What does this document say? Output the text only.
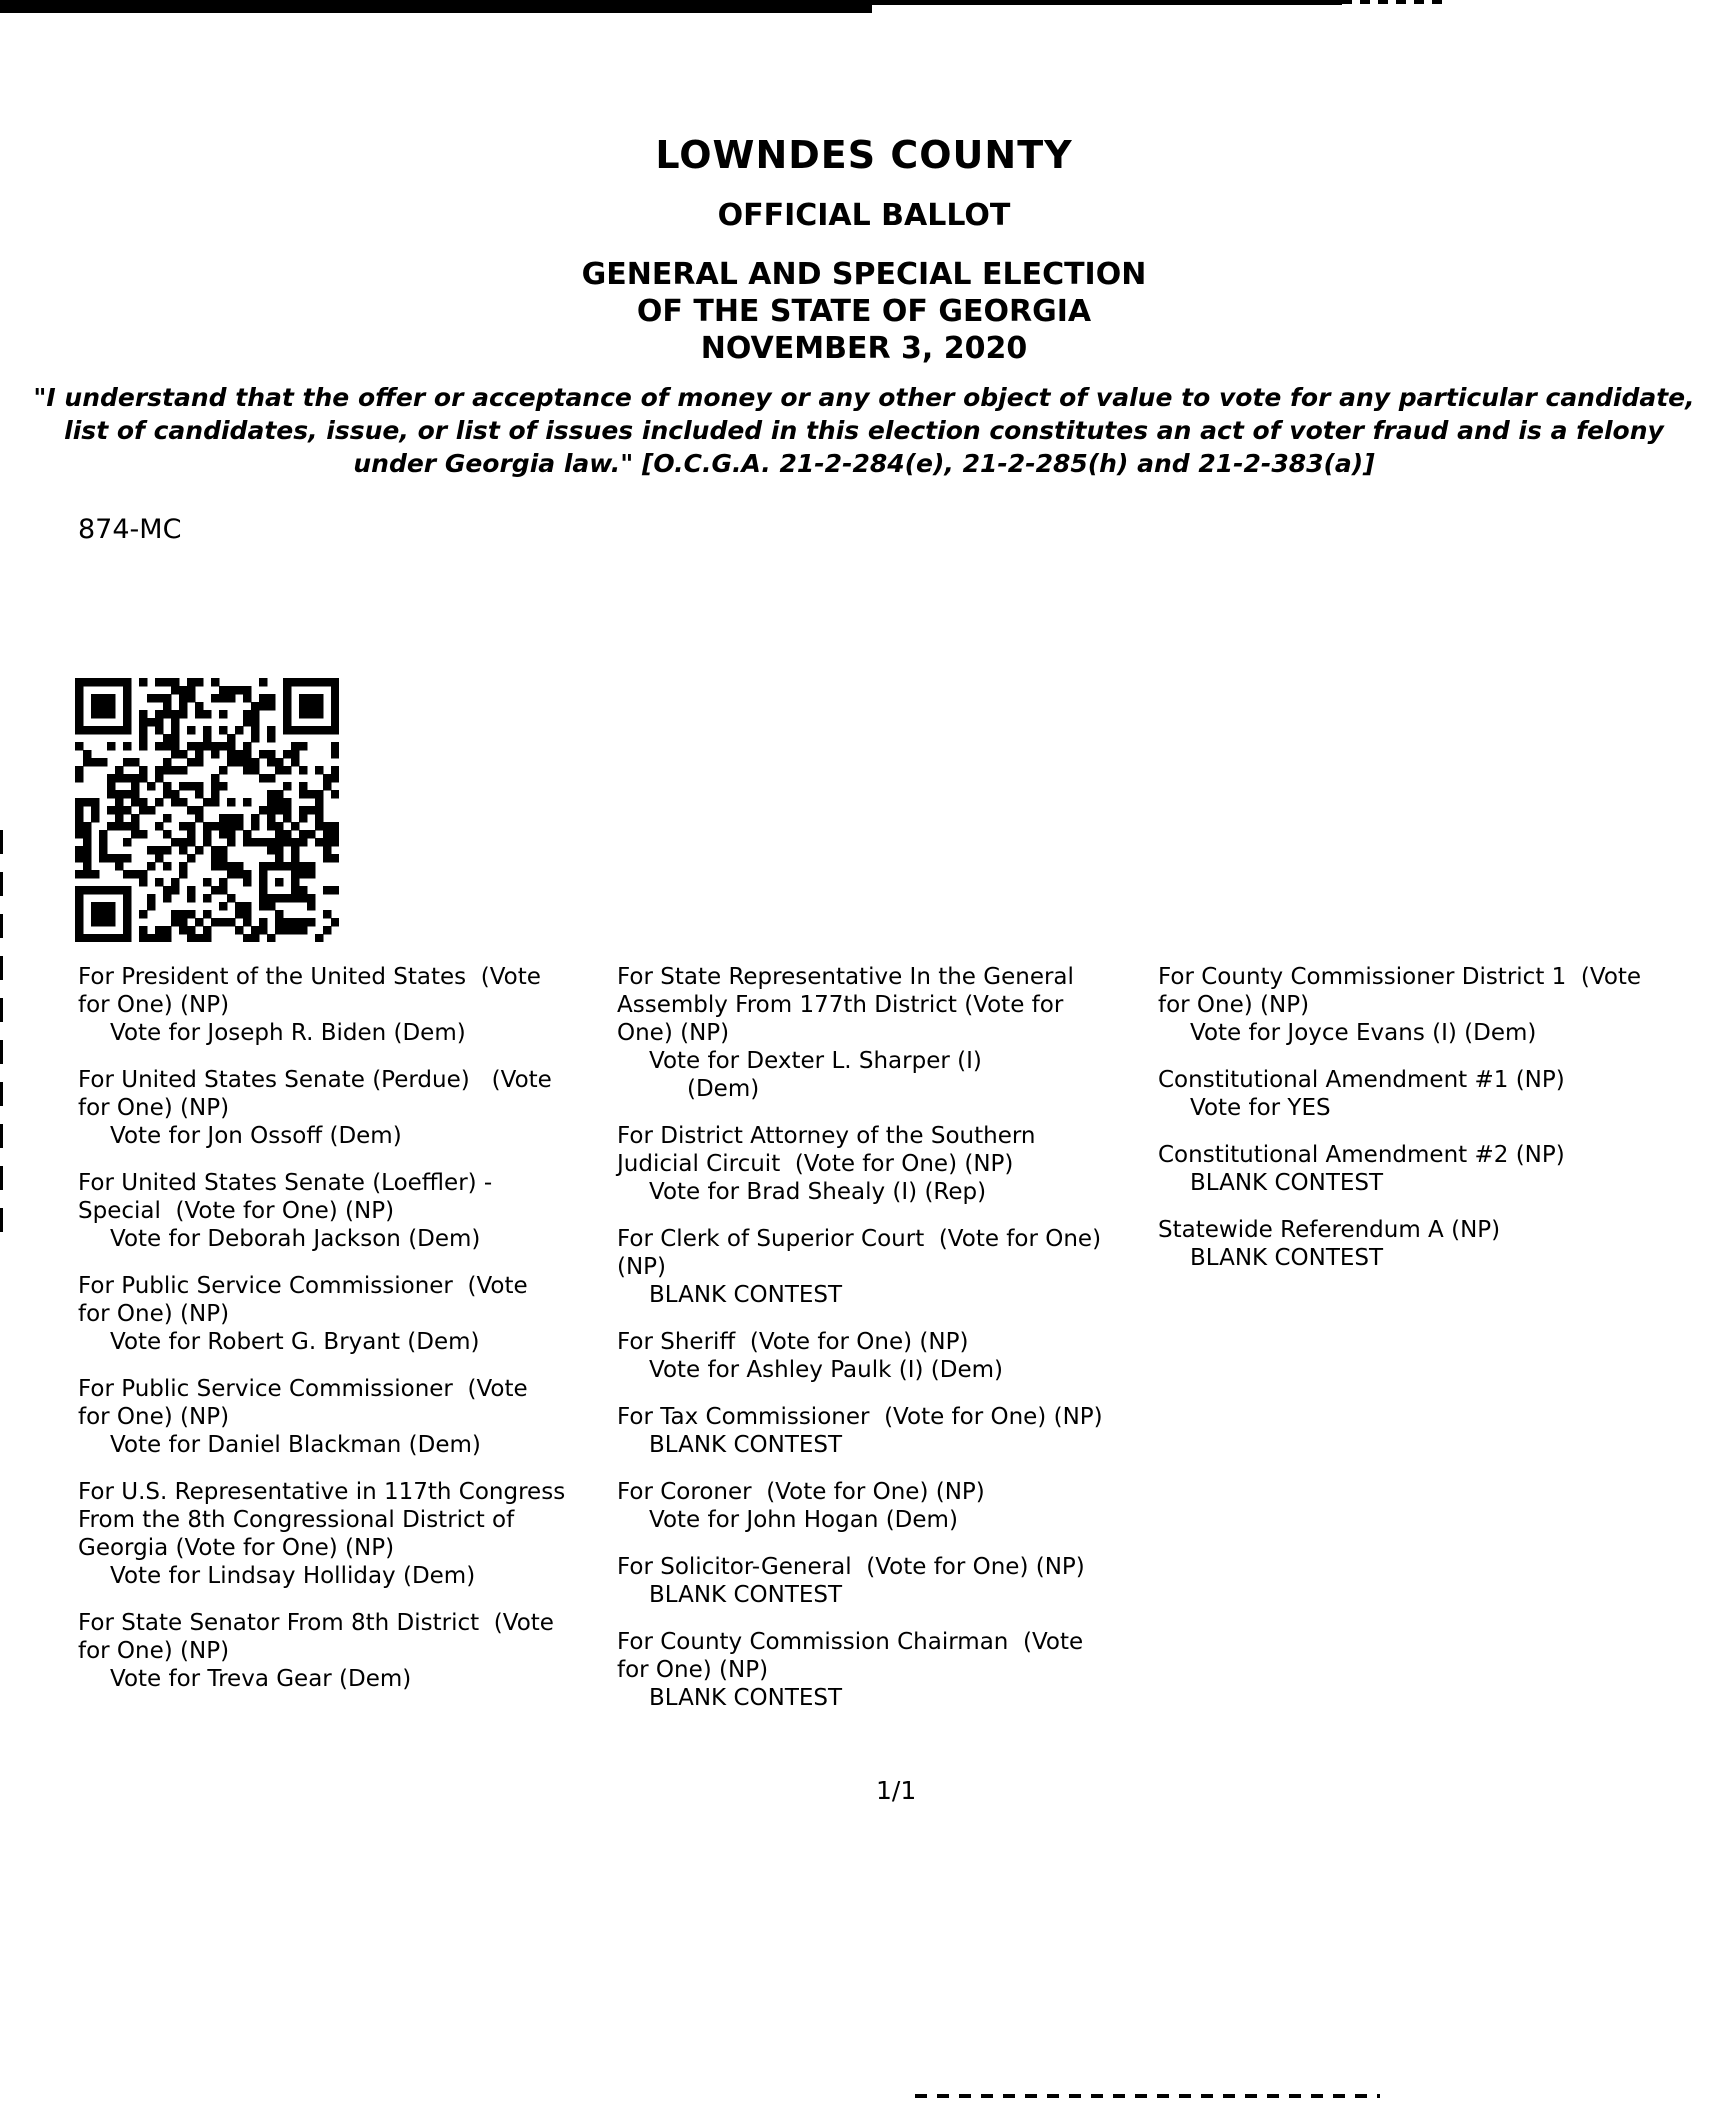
LOWNDES COUNTY
OFFICIAL BALLOT
GENERAL AND SPECIAL ELECTION
OF THE STATE OF GEORGIA
NOVEMBER 3, 2020
"I understand that the offer or acceptance of money or any other object of value to vote for any particular candidate,
list of candidates, issue, or list of issues included in this election constitutes an act of voter fraud and is a felony
under Georgia law." [O.C.G.A. 21-2-284(e), 21-2-285(h) and 21-2-383(a)]
874-MC
For President of the United States  (Vote
for One) (NP)
Vote for Joseph R. Biden (Dem)
For United States Senate (Perdue)   (Vote
for One) (NP)
Vote for Jon Ossoff (Dem)
For United States Senate (Loeffler) -
Special  (Vote for One) (NP)
Vote for Deborah Jackson (Dem)
For Public Service Commissioner  (Vote
for One) (NP)
Vote for Robert G. Bryant (Dem)
For Public Service Commissioner  (Vote
for One) (NP)
Vote for Daniel Blackman (Dem)
For U.S. Representative in 117th Congress
From the 8th Congressional District of
Georgia (Vote for One) (NP)
Vote for Lindsay Holliday (Dem)
For State Senator From 8th District  (Vote
for One) (NP)
Vote for Treva Gear (Dem)
For State Representative In the General
Assembly From 177th District (Vote for
One) (NP)
Vote for Dexter L. Sharper (I)
(Dem)
For District Attorney of the Southern
Judicial Circuit  (Vote for One) (NP)
Vote for Brad Shealy (I) (Rep)
For Clerk of Superior Court  (Vote for One)
(NP)
BLANK CONTEST
For Sheriff  (Vote for One) (NP)
Vote for Ashley Paulk (I) (Dem)
For Tax Commissioner  (Vote for One) (NP)
BLANK CONTEST
For Coroner  (Vote for One) (NP)
Vote for John Hogan (Dem)
For Solicitor-General  (Vote for One) (NP)
BLANK CONTEST
For County Commission Chairman  (Vote
for One) (NP)
BLANK CONTEST
For County Commissioner District 1  (Vote
for One) (NP)
Vote for Joyce Evans (I) (Dem)
Constitutional Amendment #1 (NP)
Vote for YES
Constitutional Amendment #2 (NP)
BLANK CONTEST
Statewide Referendum A (NP)
BLANK CONTEST
1/1
